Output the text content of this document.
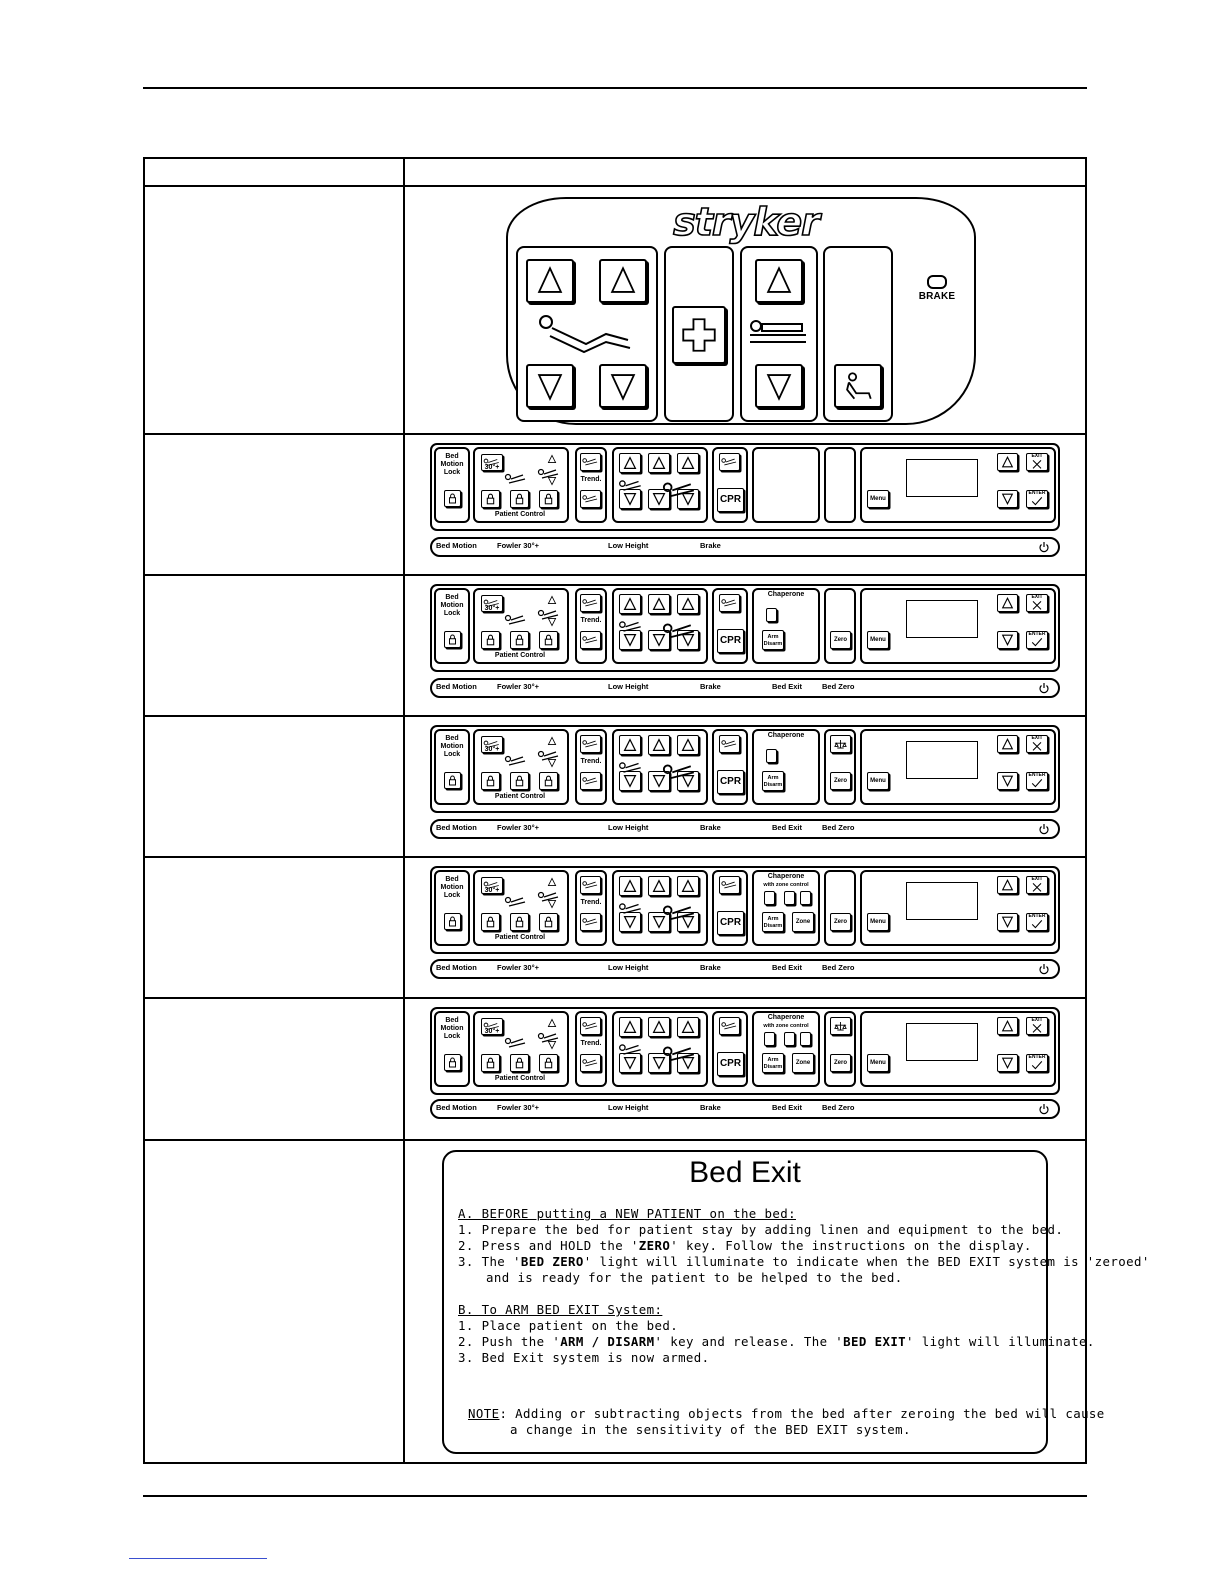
stryker
BRAKE
Bed Motion Lock
30°+
Patient Control
Trend.
CPR	Menu
EXIT
ENTER
Bed Motion	Fowler 30°+	Low Height	Brake
Bed Motion Lock
30°+
Patient Control
Trend.
CPR
Chaperone
Arm Disarm
Zero	Menu
EXIT
ENTER
Bed Motion	Fowler 30°+	Low Height	Brake	Bed Exit	Bed Zero
Bed Motion Lock
30°+
Patient Control
Trend.
CPR
Chaperone
Arm Disarm
Zero	Menu
EXIT
ENTER
Bed Motion	Fowler 30°+	Low Height	Brake	Bed Exit	Bed Zero
Bed Motion Lock
30°+
Patient Control
Trend.
CPR
Chaperone
with zone control
Arm Disarm
Zone	Zero	Menu
EXIT
ENTER
Bed Motion	Fowler 30°+	Low Height	Brake	Bed Exit	Bed Zero
Bed Motion Lock
30°+
Patient Control
Trend.
CPR
Chaperone
with zone control
Arm Disarm
Zone	Zero	Menu
EXIT
ENTER
Bed Motion	Fowler 30°+	Low Height	Brake	Bed Exit	Bed Zero
Bed Exit
A. BEFORE putting a NEW PATIENT on the bed:
1. Prepare the bed for patient stay by adding linen and equipment to the bed.
2. Press and HOLD the 'ZERO' key. Follow the instructions on the display.
3. The 'BED ZERO' light will illuminate to indicate when the BED EXIT system is 'zeroed'
and is ready for the patient to be helped to the bed.
B. To ARM BED EXIT System:
1. Place patient on the bed.
2. Push the 'ARM / DISARM' key and release. The 'BED EXIT' light will illuminate.
3. Bed Exit system is now armed.
NOTE: Adding or subtracting objects from the bed after zeroing the bed will cause
a change in the sensitivity of the BED EXIT system.
